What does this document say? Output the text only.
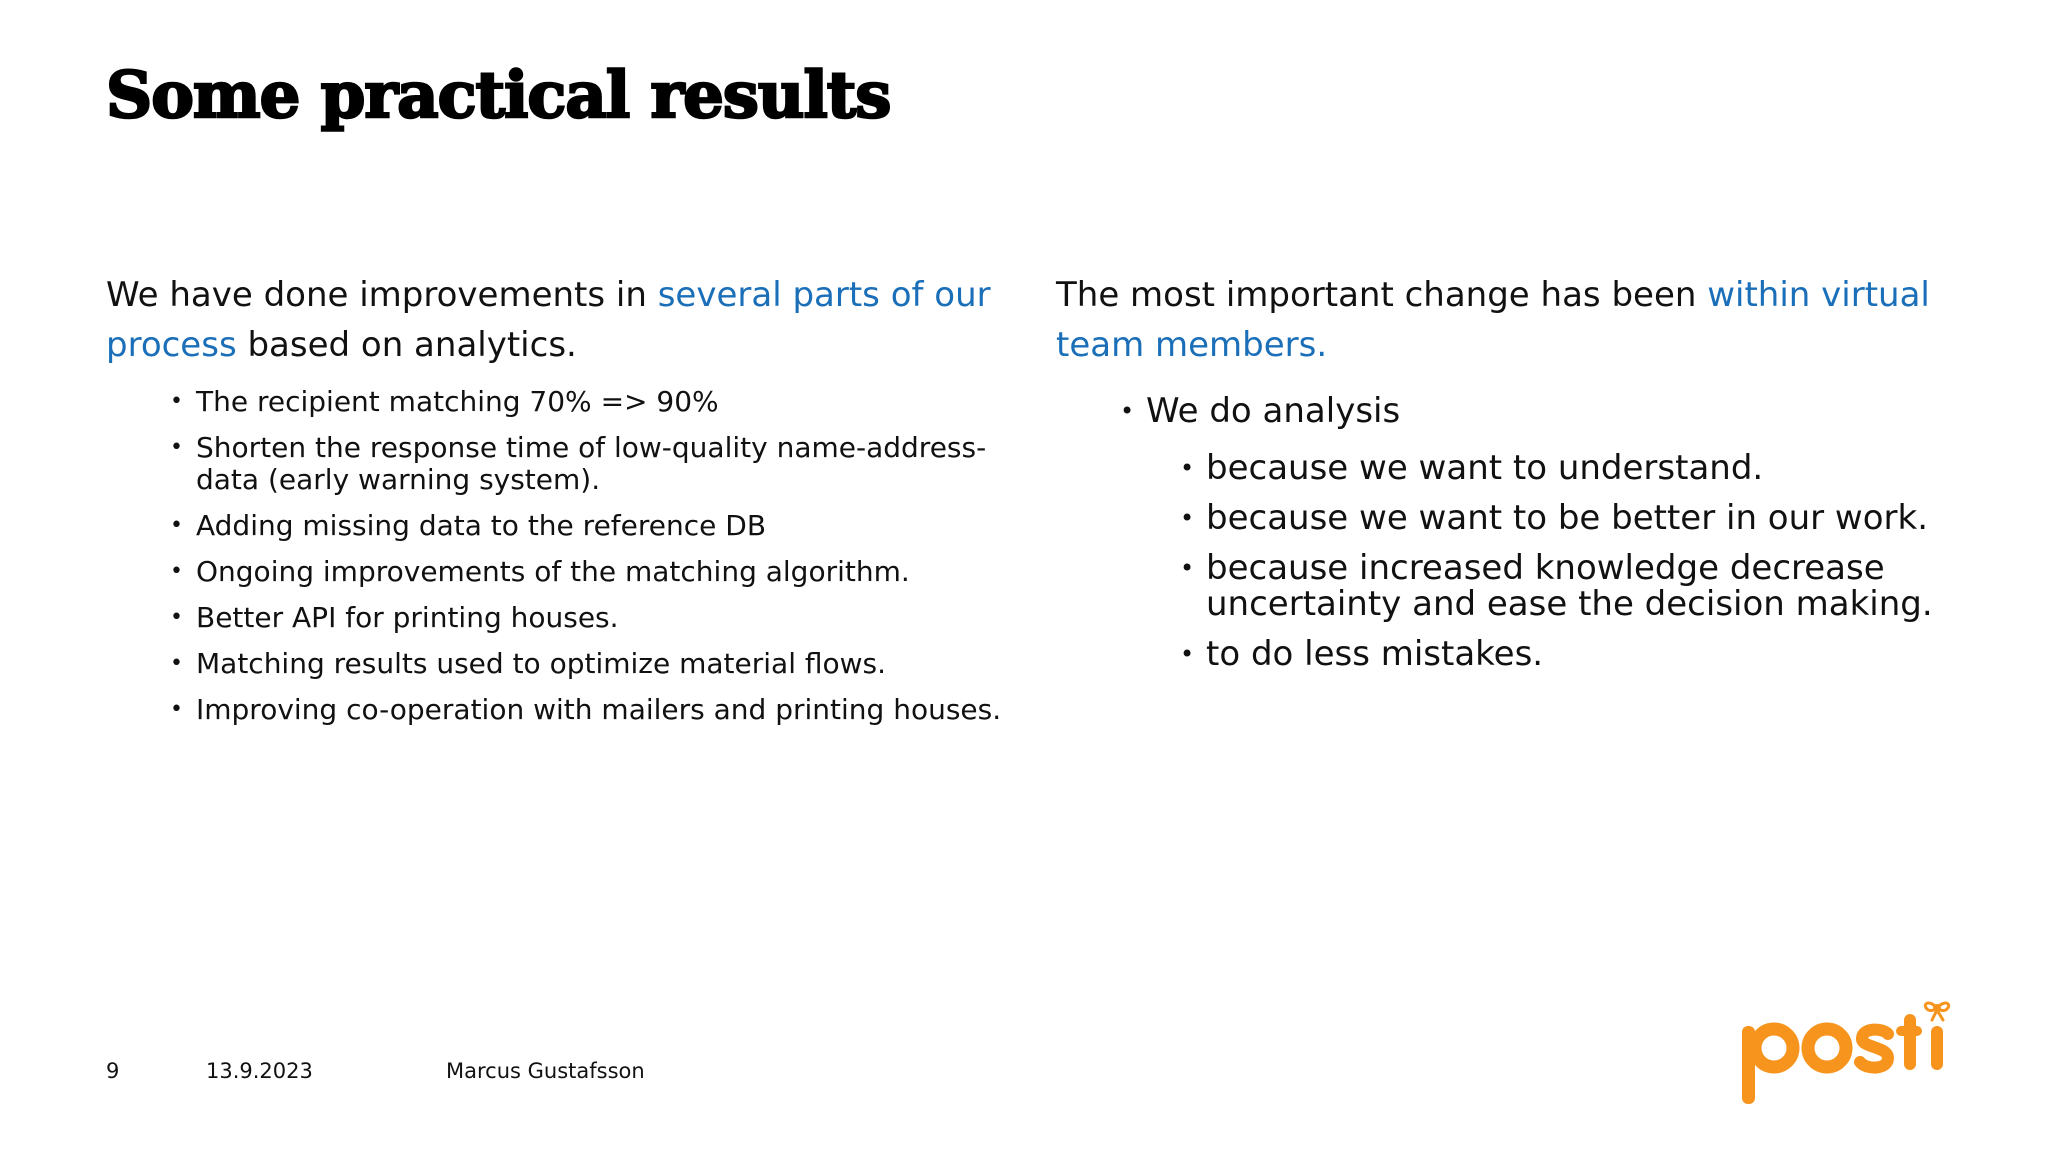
Some practical results

We have done improvements in several parts of our process based on analytics.

• The recipient matching 70% => 90%
• Shorten the response time of low-quality name-address-data (early warning system).
• Adding missing data to the reference DB
• Ongoing improvements of the matching algorithm.
• Better API for printing houses.
• Matching results used to optimize material flows.
• Improving co-operation with mailers and printing houses.

The most important change has been within virtual team members.

• We do analysis
• because we want to understand.
• because we want to be better in our work.
• because increased knowledge decrease uncertainty and ease the decision making.
• to do less mistakes.
9	13.9.2023	Marcus Gustafsson
